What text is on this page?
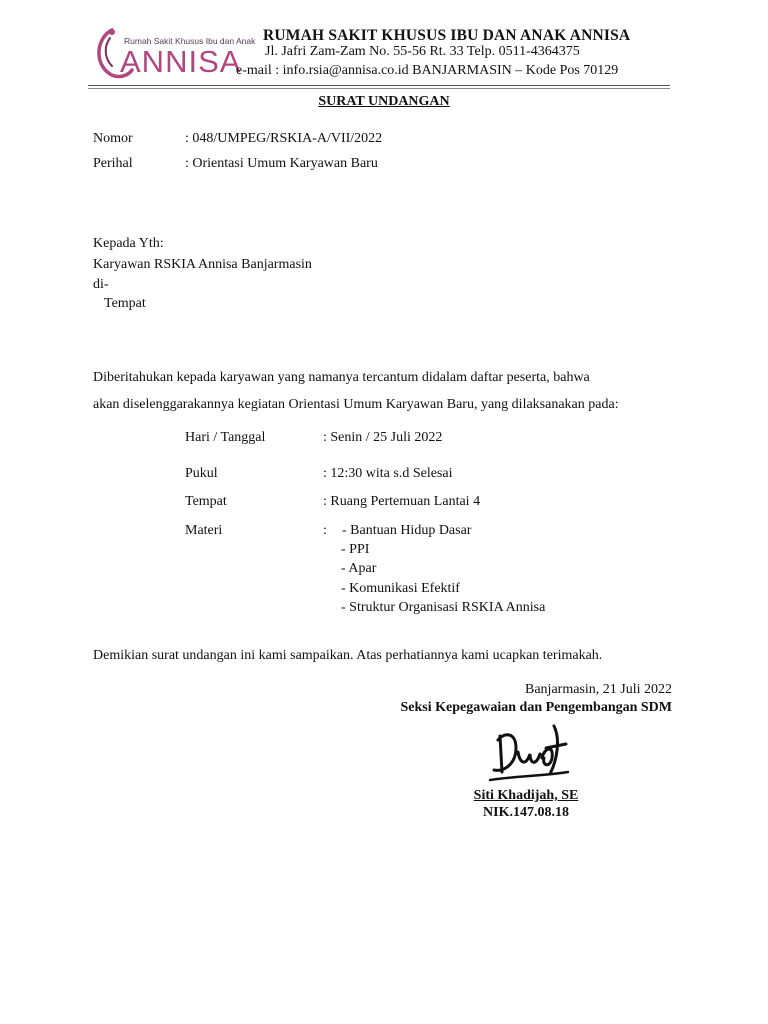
Rumah Sakit Khusus Ibu dan Anak
ANNISA
RUMAH SAKIT KHUSUS IBU DAN ANAK ANNISA
Jl. Jafri Zam-Zam No. 55-56 Rt. 33 Telp. 0511-4364375
e-mail : info.rsia@annisa.co.id BANJARMASIN – Kode Pos 70129
SURAT UNDANGAN
Nomor	: 048/UMPEG/RSKIA-A/VII/2022
Perihal	: Orientasi Umum Karyawan Baru
Kepada Yth:
Karyawan RSKIA Annisa Banjarmasin
di-
Tempat
Diberitahukan kepada karyawan yang namanya tercantum didalam daftar peserta, bahwa
akan diselenggarakannya kegiatan Orientasi Umum Karyawan Baru, yang dilaksanakan pada:
Hari / Tanggal	: Senin / 25 Juli 2022
Pukul	: 12:30 wita s.d Selesai
Tempat	: Ruang Pertemuan Lantai 4
Materi	: - Bantuan Hidup Dasar
- PPI
- Apar
- Komunikasi Efektif
- Struktur Organisasi RSKIA Annisa
Demikian surat undangan ini kami sampaikan. Atas perhatiannya kami ucapkan terimakah.
Banjarmasin, 21 Juli 2022
Seksi Kepegawaian dan Pengembangan SDM
Siti Khadijah, SE
NIK.147.08.18
